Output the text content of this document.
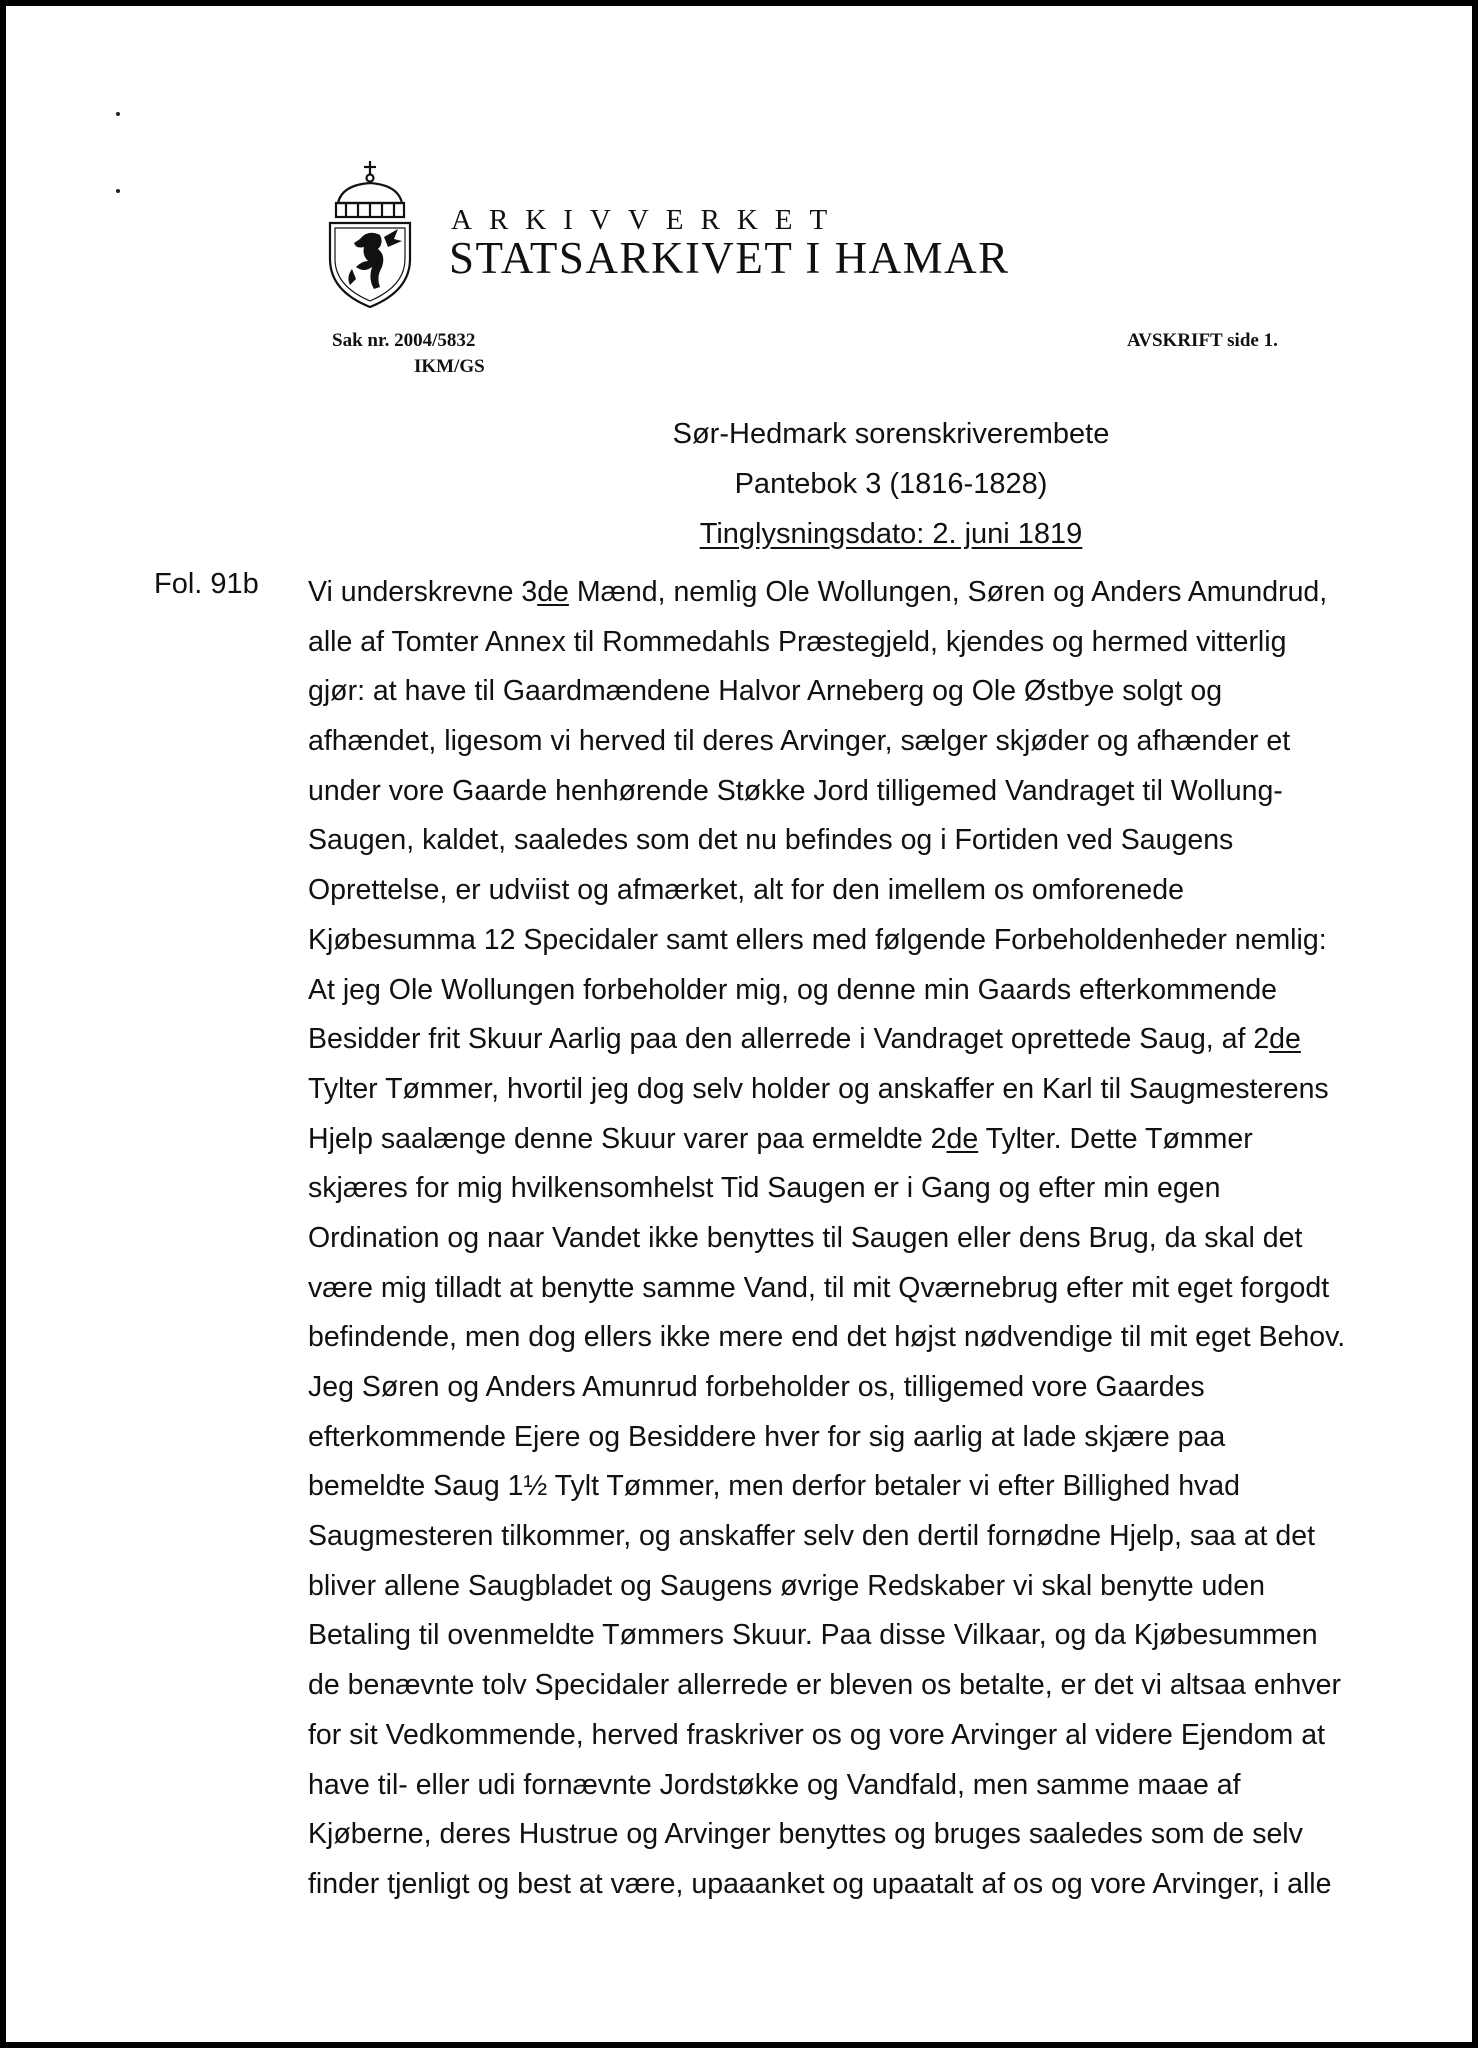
ARKIVVERKET
STATSARKIVET I HAMAR
Sak nr. 2004/5832
IKM/GS
AVSKRIFT side 1.
Sør-Hedmark sorenskriverembete
Pantebok 3 (1816-1828)
Tinglysningsdato: 2. juni 1819
Fol. 91b Vi underskrevne 3de Mænd, nemlig Ole Wollungen, Søren og Anders Amundrud,
alle af Tomter Annex til Rommedahls Præstegjeld, kjendes og hermed vitterlig
gjør: at have til Gaardmændene Halvor Arneberg og Ole Østbye solgt og
afhændet, ligesom vi herved til deres Arvinger, sælger skjøder og afhænder et
under vore Gaarde henhørende Støkke Jord tilligemed Vandraget til Wollung-
Saugen, kaldet, saaledes som det nu befindes og i Fortiden ved Saugens
Oprettelse, er udviist og afmærket, alt for den imellem os omforenede
Kjøbesumma 12 Specidaler samt ellers med følgende Forbeholdenheder nemlig:
At jeg Ole Wollungen forbeholder mig, og denne min Gaards efterkommende
Besidder frit Skuur Aarlig paa den allerrede i Vandraget oprettede Saug, af 2de
Tylter Tømmer, hvortil jeg dog selv holder og anskaffer en Karl til Saugmesterens
Hjelp saalænge denne Skuur varer paa ermeldte 2de Tylter. Dette Tømmer
skjæres for mig hvilkensomhelst Tid Saugen er i Gang og efter min egen
Ordination og naar Vandet ikke benyttes til Saugen eller dens Brug, da skal det
være mig tilladt at benytte samme Vand, til mit Qværnebrug efter mit eget forgodt
befindende, men dog ellers ikke mere end det højst nødvendige til mit eget Behov.
Jeg Søren og Anders Amunrud forbeholder os, tilligemed vore Gaardes
efterkommende Ejere og Besiddere hver for sig aarlig at lade skjære paa
bemeldte Saug 1½ Tylt Tømmer, men derfor betaler vi efter Billighed hvad
Saugmesteren tilkommer, og anskaffer selv den dertil fornødne Hjelp, saa at det
bliver allene Saugbladet og Saugens øvrige Redskaber vi skal benytte uden
Betaling til ovenmeldte Tømmers Skuur. Paa disse Vilkaar, og da Kjøbesummen
de benævnte tolv Specidaler allerrede er bleven os betalte, er det vi altsaa enhver
for sit Vedkommende, herved fraskriver os og vore Arvinger al videre Ejendom at
have til- eller udi fornævnte Jordstøkke og Vandfald, men samme maae af
Kjøberne, deres Hustrue og Arvinger benyttes og bruges saaledes som de selv
finder tjenligt og best at være, upaaanket og upaatalt af os og vore Arvinger, i alle
